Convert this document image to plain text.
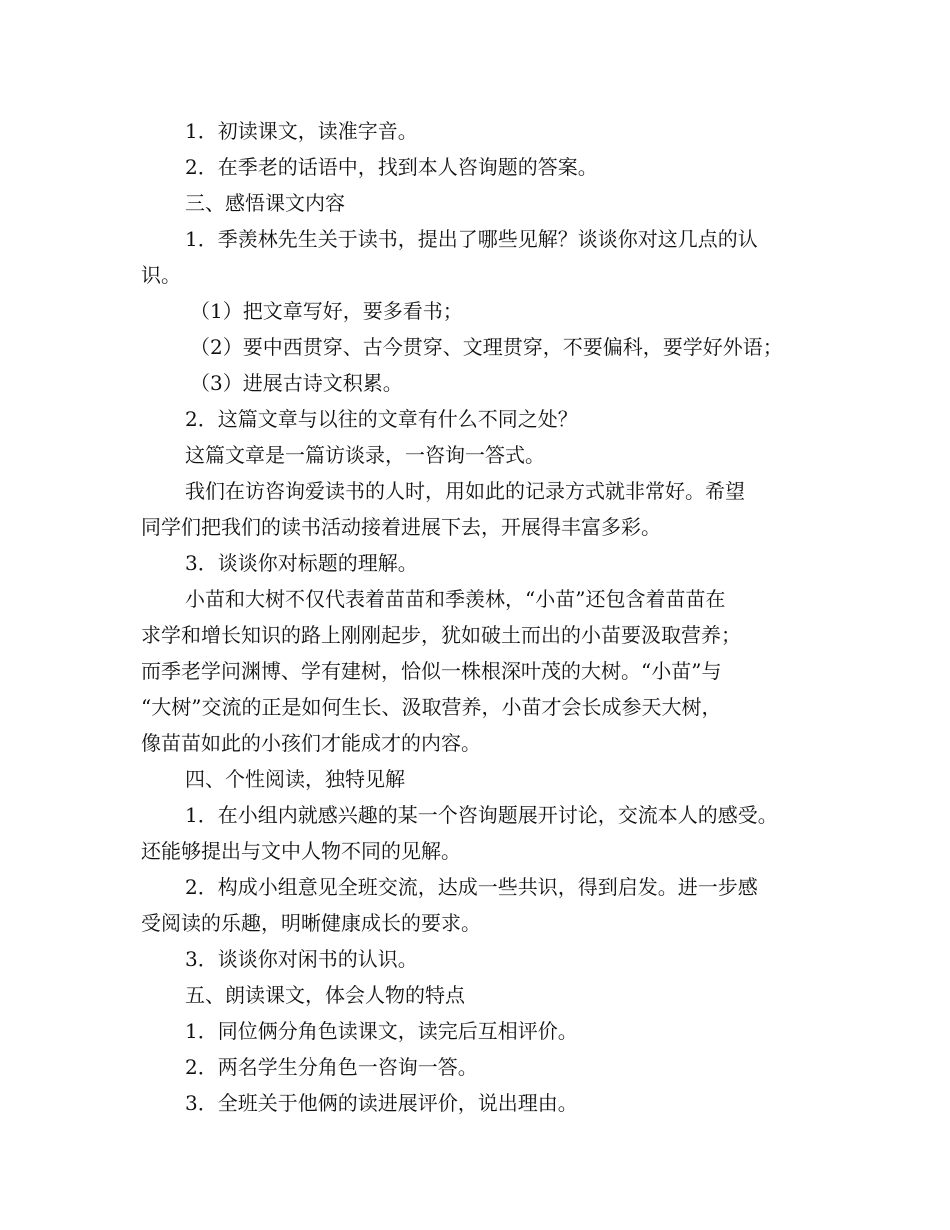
1．初读课文，读准字音。
2．在季老的话语中，找到本人咨询题的答案。
三、感悟课文内容
1．季羡林先生关于读书，提出了哪些见解？谈谈你对这几点的认
识。
（1）把文章写好，要多看书；
（2）要中西贯穿、古今贯穿、文理贯穿，不要偏科，要学好外语；
（3）进展古诗文积累。
2．这篇文章与以往的文章有什么不同之处？
这篇文章是一篇访谈录，一咨询一答式。
我们在访咨询爱读书的人时，用如此的记录方式就非常好。希望
同学们把我们的读书活动接着进展下去，开展得丰富多彩。
3．谈谈你对标题的理解。
小苗和大树不仅代表着苗苗和季羡林，“小苗”还包含着苗苗在
求学和增长知识的路上刚刚起步，犹如破土而出的小苗要汲取营养；
而季老学问渊博、学有建树，恰似一株根深叶茂的大树。“小苗”与
“大树”交流的正是如何生长、汲取营养，小苗才会长成参天大树，
像苗苗如此的小孩们才能成才的内容。
四、个性阅读，独特见解
1．在小组内就感兴趣的某一个咨询题展开讨论，交流本人的感受。
还能够提出与文中人物不同的见解。
2．构成小组意见全班交流，达成一些共识，得到启发。进一步感
受阅读的乐趣，明晰健康成长的要求。
3．谈谈你对闲书的认识。
五、朗读课文，体会人物的特点
1．同位俩分角色读课文，读完后互相评价。
2．两名学生分角色一咨询一答。
3．全班关于他俩的读进展评价，说出理由。
